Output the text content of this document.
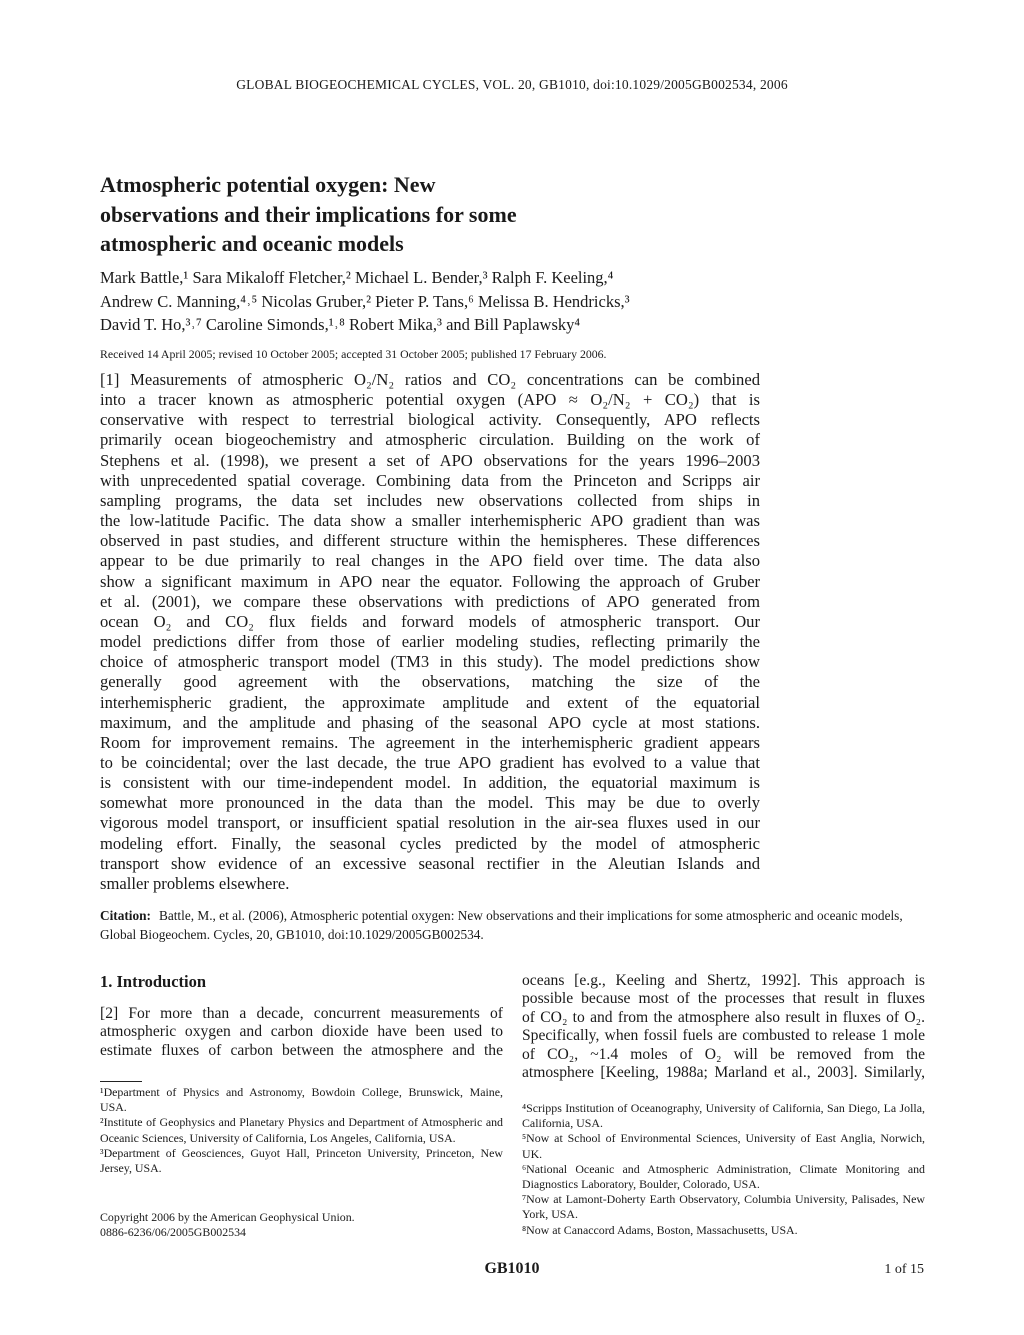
GLOBAL BIOGEOCHEMICAL CYCLES, VOL. 20, GB1010, doi:10.1029/2005GB002534, 2006
Atmospheric potential oxygen: New
observations and their implications for some
atmospheric and oceanic models
Mark Battle,¹ Sara Mikaloff Fletcher,² Michael L. Bender,³ Ralph F. Keeling,⁴
Andrew C. Manning,⁴˒⁵ Nicolas Gruber,² Pieter P. Tans,⁶ Melissa B. Hendricks,³
David T. Ho,³˒⁷ Caroline Simonds,¹˒⁸ Robert Mika,³ and Bill Paplawsky⁴
Received 14 April 2005; revised 10 October 2005; accepted 31 October 2005; published 17 February 2006.
[1] Measurements of atmospheric O₂/N₂ ratios and CO₂ concentrations can be combined
into a tracer known as atmospheric potential oxygen (APO ≈ O₂/N₂ + CO₂) that is
conservative with respect to terrestrial biological activity. Consequently, APO reflects
primarily ocean biogeochemistry and atmospheric circulation. Building on the work of
Stephens et al. (1998), we present a set of APO observations for the years 1996–2003
with unprecedented spatial coverage. Combining data from the Princeton and Scripps air
sampling programs, the data set includes new observations collected from ships in
the low-latitude Pacific. The data show a smaller interhemispheric APO gradient than was
observed in past studies, and different structure within the hemispheres. These differences
appear to be due primarily to real changes in the APO field over time. The data also
show a significant maximum in APO near the equator. Following the approach of Gruber
et al. (2001), we compare these observations with predictions of APO generated from
ocean O₂ and CO₂ flux fields and forward models of atmospheric transport. Our
model predictions differ from those of earlier modeling studies, reflecting primarily the
choice of atmospheric transport model (TM3 in this study). The model predictions show
generally good agreement with the observations, matching the size of the
interhemispheric gradient, the approximate amplitude and extent of the equatorial
maximum, and the amplitude and phasing of the seasonal APO cycle at most stations.
Room for improvement remains. The agreement in the interhemispheric gradient appears
to be coincidental; over the last decade, the true APO gradient has evolved to a value that
is consistent with our time-independent model. In addition, the equatorial maximum is
somewhat more pronounced in the data than the model. This may be due to overly
vigorous model transport, or insufficient spatial resolution in the air-sea fluxes used in our
modeling effort. Finally, the seasonal cycles predicted by the model of atmospheric
transport show evidence of an excessive seasonal rectifier in the Aleutian Islands and
smaller problems elsewhere.
Citation: Battle, M., et al. (2006), Atmospheric potential oxygen: New observations and their implications for some atmospheric and oceanic models, Global Biogeochem. Cycles, 20, GB1010, doi:10.1029/2005GB002534.
1. Introduction
[2] For more than a decade, concurrent measurements of
atmospheric oxygen and carbon dioxide have been used to
estimate fluxes of carbon between the atmosphere and the
oceans [e.g., Keeling and Shertz, 1992]. This approach is
possible because most of the processes that result in fluxes
of CO₂ to and from the atmosphere also result in fluxes of O₂.
Specifically, when fossil fuels are combusted to release 1 mole
of CO₂, ~1.4 moles of O₂ will be removed from the
atmosphere [Keeling, 1988a; Marland et al., 2003]. Similarly,

¹Department of Physics and Astronomy, Bowdoin College, Brunswick, Maine, USA.

²Institute of Geophysics and Planetary Physics and Department of Atmospheric and Oceanic Sciences, University of California, Los Angeles, California, USA.

³Department of Geosciences, Guyot Hall, Princeton University, Princeton, New Jersey, USA.

⁴Scripps Institution of Oceanography, University of California, San Diego, La Jolla, California, USA.

⁵Now at School of Environmental Sciences, University of East Anglia, Norwich, UK.

⁶National Oceanic and Atmospheric Administration, Climate Monitoring and Diagnostics Laboratory, Boulder, Colorado, USA.

⁷Now at Lamont-Doherty Earth Observatory, Columbia University, Palisades, New York, USA.

⁸Now at Canaccord Adams, Boston, Massachusetts, USA.

Copyright 2006 by the American Geophysical Union.
0886-6236/06/2005GB002534
GB1010	1 of 15
